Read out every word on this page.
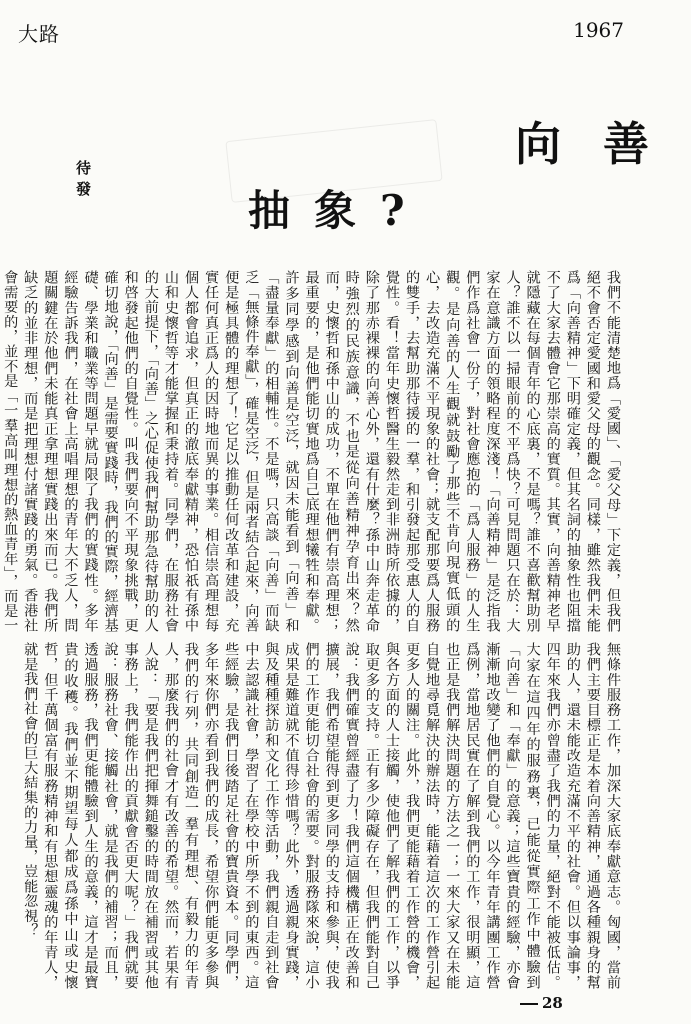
大路	1967
向善
抽象?
待發
我們不能清楚地爲「愛國」、「愛父母」下定義，但我們絕不會否定愛國和愛父母的觀念。同樣，雖然我們未能爲「向善精神」下明確定義，但其名詞的抽象性也阻擋不了大家去體會它那崇高的實質。其實，向善精神老早就隱藏在每個青年的心底裏，不是嗎？誰不喜歡幫助別人？誰不以一掃眼前的不平爲快？可見問題只在於：大家在意識方面的領略程度深淺！「向善精神」是泛指我們作爲社會一份子，對社會應抱的「爲人服務」的人生觀。是向善的人生觀就鼓勵了那些不肯向現實低頭的心，去改造充滿不平現象的社會；就支配那要爲人服務的雙手，去幫助那待援的一羣，和引發起那受惠人的自覺性。看！當年史懷哲醫生毅然走到非洲時所依據的，除了那赤裸裸的向善心外，還有什麼？孫中山奔走革命時強烈的民族意識，不也是從向善精神孕育出來？然而，史懷哲和孫中山的成功，不單在他們有崇高理想；最重要的，是他們能切實地爲自己底理想犧牲和奉獻。許多同學感到向善是空泛，就因未能看到「向善」和「盡量奉獻」的相輔性。不是嗎，只高談「向善」而缺乏「無條件奉獻」，確是空泛，但是兩者結合起來，向善便是極具體的理想了！它足以推動任何改革和建設，充實任何真正爲人的因時地而異的事業。相信崇高理想每個人都會追求，但真正的澈底奉獻精神，恐怕祇有孫中山和史懷哲等才能掌握和秉持着。同學們，在服務社會的大前提下，「向善」之心促使我們幫助那急待幫助的人和啓發起他們的自覺性。叫我們要向不平現象挑戰，更確切地說，「向善」是需要實踐時，我們的實際，經濟基礎、學業和職業等問題早就局限了我們的實踐性。多年經驗告訴我們，在社會上高唱理想的青年大不乏人，問題關鍵在於他們未能真正拿理想實踐出來而已。我們所缺乏的並非理想，而是把理想付諸實踐的勇氣。香港社會需要的，並不是「一羣高叫理想的熱血青年」，而是一
無條件服務工作，加深大家底奉獻意志。匈國，當前我們主要目標正是本着向善精神，通過各種親身的幫助的人，還未能改造充滿不平的社會。但以事論事，四年來我們亦曾盡了我們的力量，絕對不能被低估。大家在這四年的服務裏，已能從實際工作中體驗到「向善」和「奉獻」的意義；這些寶貴的經驗，亦會漸漸地改變了他們的自覺心。以今年青年講團工作營爲例，當地居民實在了解到我們的工作，很明顯，這也正是我們解決問題的方法之一；一來大家又在未能自覺地尋覓解決的辦法時，能藉着這次的工作營引起更多人的關注。此外，我們更能藉着工作營的機會，與各方面的人士接觸，使他們了解我們的工作，以爭取更多的支持。正有多少障礙存在，但我們能對自己說：我們確實曾經盡了力！我們這個機構正在改善和擴展，我們希望能得到更多同學的支持和參與，使我們的工作更能切合社會的需要。對服務隊來說，這小成果是難道就不值得珍惜嗎？此外，透過親身實踐，與及種種探訪和文化工作等活動，我們親自走到社會中去認識社會，學習了在學校中所學不到的東西。這些經驗，是我們日後踏足社會的寶貴資本。同學們，多年來你們亦看到我們的成長，希望你們能更多參與我們的行列，共同創造一羣有理想、有毅力的年青人，那麼我們的社會才有改善的希望。然而，若果有人說：「要是我們把揮舞鎚鑿的時間放在補習或其他事務上，我們能作出的貢獻會否更大呢？」我們就要說：服務社會、接觸社會，就是我們的補習；而且，透過服務，我們更能體驗到人生的意義，這才是最寶貴的收穫。我們並不期望每人都成爲孫中山或史懷哲，但千萬個富有服務精神和有思想靈魂的年青人，就是我們社會的巨大結集的力量，豈能忽視？
28
